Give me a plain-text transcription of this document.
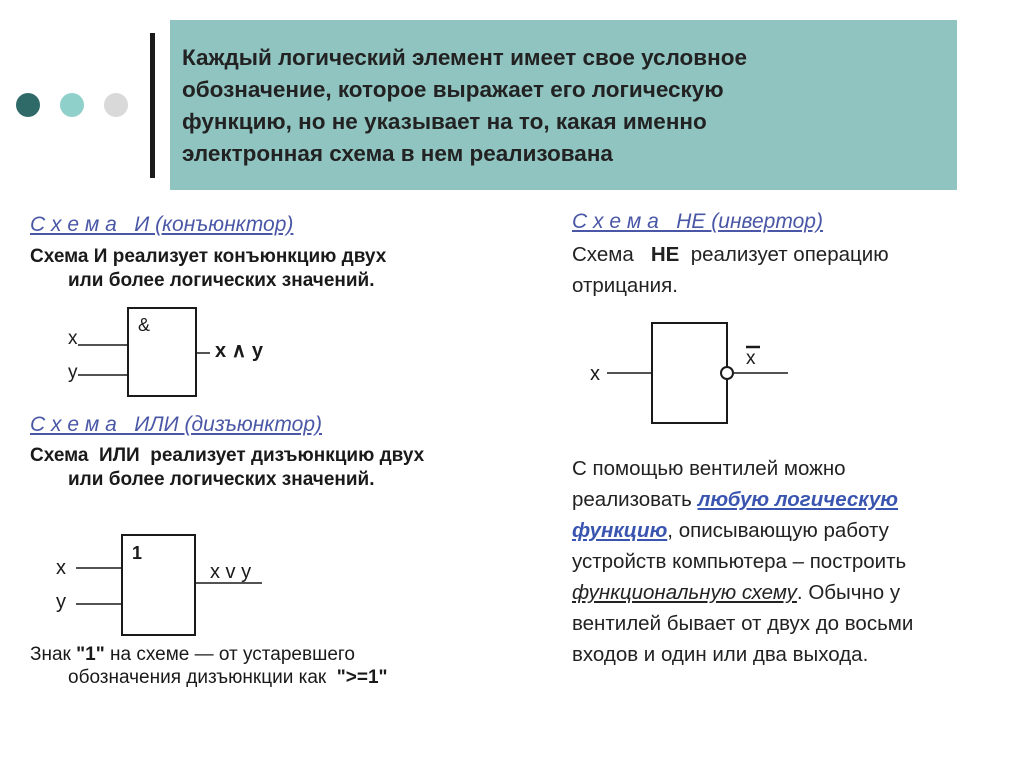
Каждый логический элемент имеет свое условное
обозначение, которое выражает его логическую
функцию, но не указывает на то, какая именно
электронная схема в нем реализована
С х е м а   И (конъюнктор)
Схема И реализует конъюнкцию двух
или более логических значений.
&
x
y
x ∧ y
С х е м а   ИЛИ (дизъюнктор)
Схема  ИЛИ  реализует дизъюнкцию двух
или более логических значений.
1
x
y
x v y
Знак "1" на схеме — от устаревшего
обозначения дизъюнкции как  ">=1"
С х е м а   НЕ (инвертор)
Схема   НЕ  реализует операцию
отрицания.
x
x
С помощью вентилей можно
реализовать любую логическую
функцию, описывающую работу
устройств компьютера – построить
функциональную схему. Обычно у
вентилей бывает от двух до восьми
входов и один или два выхода.
